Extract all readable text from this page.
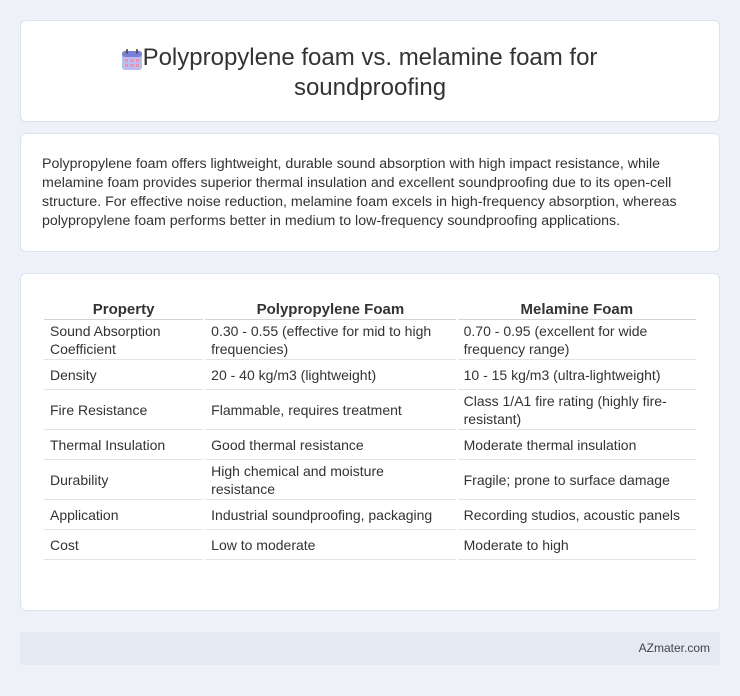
Polypropylene foam vs. melamine foam for soundproofing

Polypropylene foam offers lightweight, durable sound absorption with high impact resistance, while melamine foam provides superior thermal insulation and excellent soundproofing due to its open-cell structure. For effective noise reduction, melamine foam excels in high-frequency absorption, whereas polypropylene foam performs better in medium to low-frequency soundproofing applications.

Property	Polypropylene Foam	Melamine Foam
Sound Absorption Coefficient	0.30 - 0.55 (effective for mid to high frequencies)	0.70 - 0.95 (excellent for wide frequency range)
Density	20 - 40 kg/m3 (lightweight)	10 - 15 kg/m3 (ultra-lightweight)
Fire Resistance	Flammable, requires treatment	Class 1/A1 fire rating (highly fire-resistant)
Thermal Insulation	Good thermal resistance	Moderate thermal insulation
Durability	High chemical and moisture resistance	Fragile; prone to surface damage
Application	Industrial soundproofing, packaging	Recording studios, acoustic panels
Cost	Low to moderate	Moderate to high
AZmater.com
